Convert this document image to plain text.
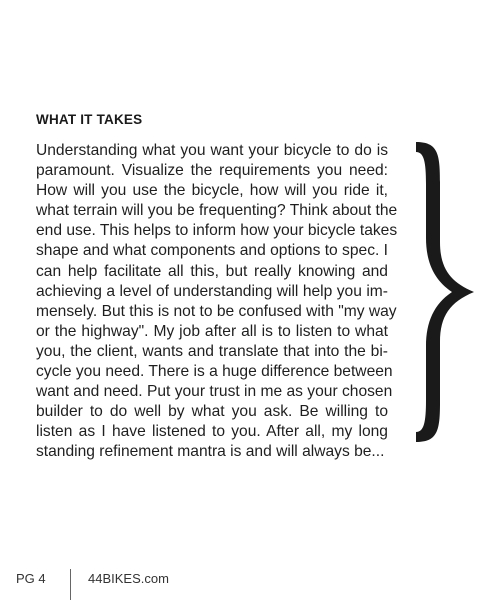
WHAT IT TAKES
Understanding what you want your bicycle to do is
paramount. Visualize the requirements you need:
How will you use the bicycle, how will you ride it,
what terrain will you be frequenting? Think about the
end use. This helps to inform how your bicycle takes
shape and what components and options to spec. I
can help facilitate all this, but really knowing and
achieving a level of understanding will help you im-
mensely. But this is not to be confused with "my way
or the highway". My job after all is to listen to what
you, the client, wants and translate that into the bi-
cycle you need. There is a huge difference between
want and need. Put your trust in me as your chosen
builder to do well by what you ask. Be willing to
listen as I have listened to you. After all, my long
standing refinement mantra is and will always be...
PG 4	44BIKES.com
